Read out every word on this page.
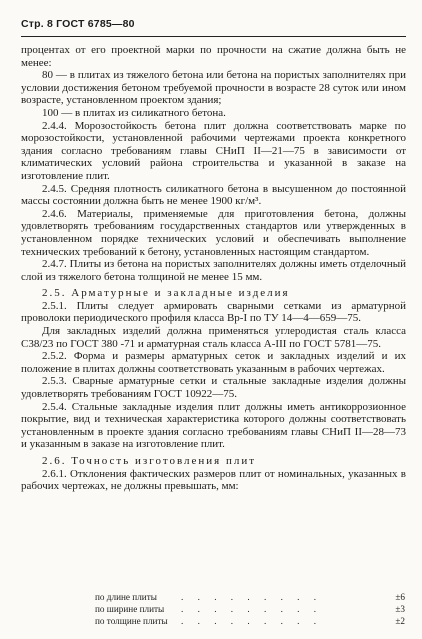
Стр. 8 ГОСТ 6785—80

процентах от его проектной марки по прочности на сжатие должна быть не менее:

80 — в плитах из тяжелого бетона или бетона на пористых заполнителях при условии достижения бетоном требуемой прочности в возрасте 28 суток или ином возрасте, установленном проектом здания;

100 — в плитах из силикатного бетона.

2.4.4. Морозостойкость бетона плит должна соответствовать марке по морозостойкости, установленной рабочими чертежами проекта конкретного здания согласно требованиям главы СНиП II—21—75 в зависимости от климатических условий района строительства и указанной в заказе на изготовление плит.

2.4.5. Средняя плотность силикатного бетона в высушенном до постоянной массы состоянии должна быть не менее 1900 кг/м³.

2.4.6. Материалы, применяемые для приготовления бетона, должны удовлетворять требованиям государственных стандартов или утвержденных в установленном порядке технических условий и обеспечивать выполнение технических требований к бетону, установленных настоящим стандартом.

2.4.7. Плиты из бетона на пористых заполнителях должны иметь отделочный слой из тяжелого бетона толщиной не менее 15 мм.

2.5. Арматурные и закладные изделия

2.5.1. Плиты следует армировать сварными сетками из арматурной проволоки периодического профиля класса Вр-I по ТУ 14—4—659—75.

Для закладных изделий должна применяться углеродистая сталь класса С38/23 по ГОСТ 380 -71 и арматурная сталь класса А-III по ГОСТ 5781—75.

2.5.2. Форма и размеры арматурных сеток и закладных изделий и их положение в плитах должны соответствовать указанным в рабочих чертежах.

2.5.3. Сварные арматурные сетки и стальные закладные изделия должны удовлетворять требованиям ГОСТ 10922—75.

2.5.4. Стальные закладные изделия плит должны иметь антикоррозионное покрытие, вид и техническая характеристика которого должны соответствовать установленным в проекте здания согласно требованиям главы СНиП II—28—73 и указанным в заказе на изготовление плит.

2.6. Точность изготовления плит

2.6.1. Отклонения фактических размеров плит от номинальных, указанных в рабочих чертежах, не должны превышать, мм:

по длине плиты	. . . . . . . . .	±6
по ширине плиты	. . . . . . . . .	±3
по толщине плиты	. . . . . . . . .	±2
